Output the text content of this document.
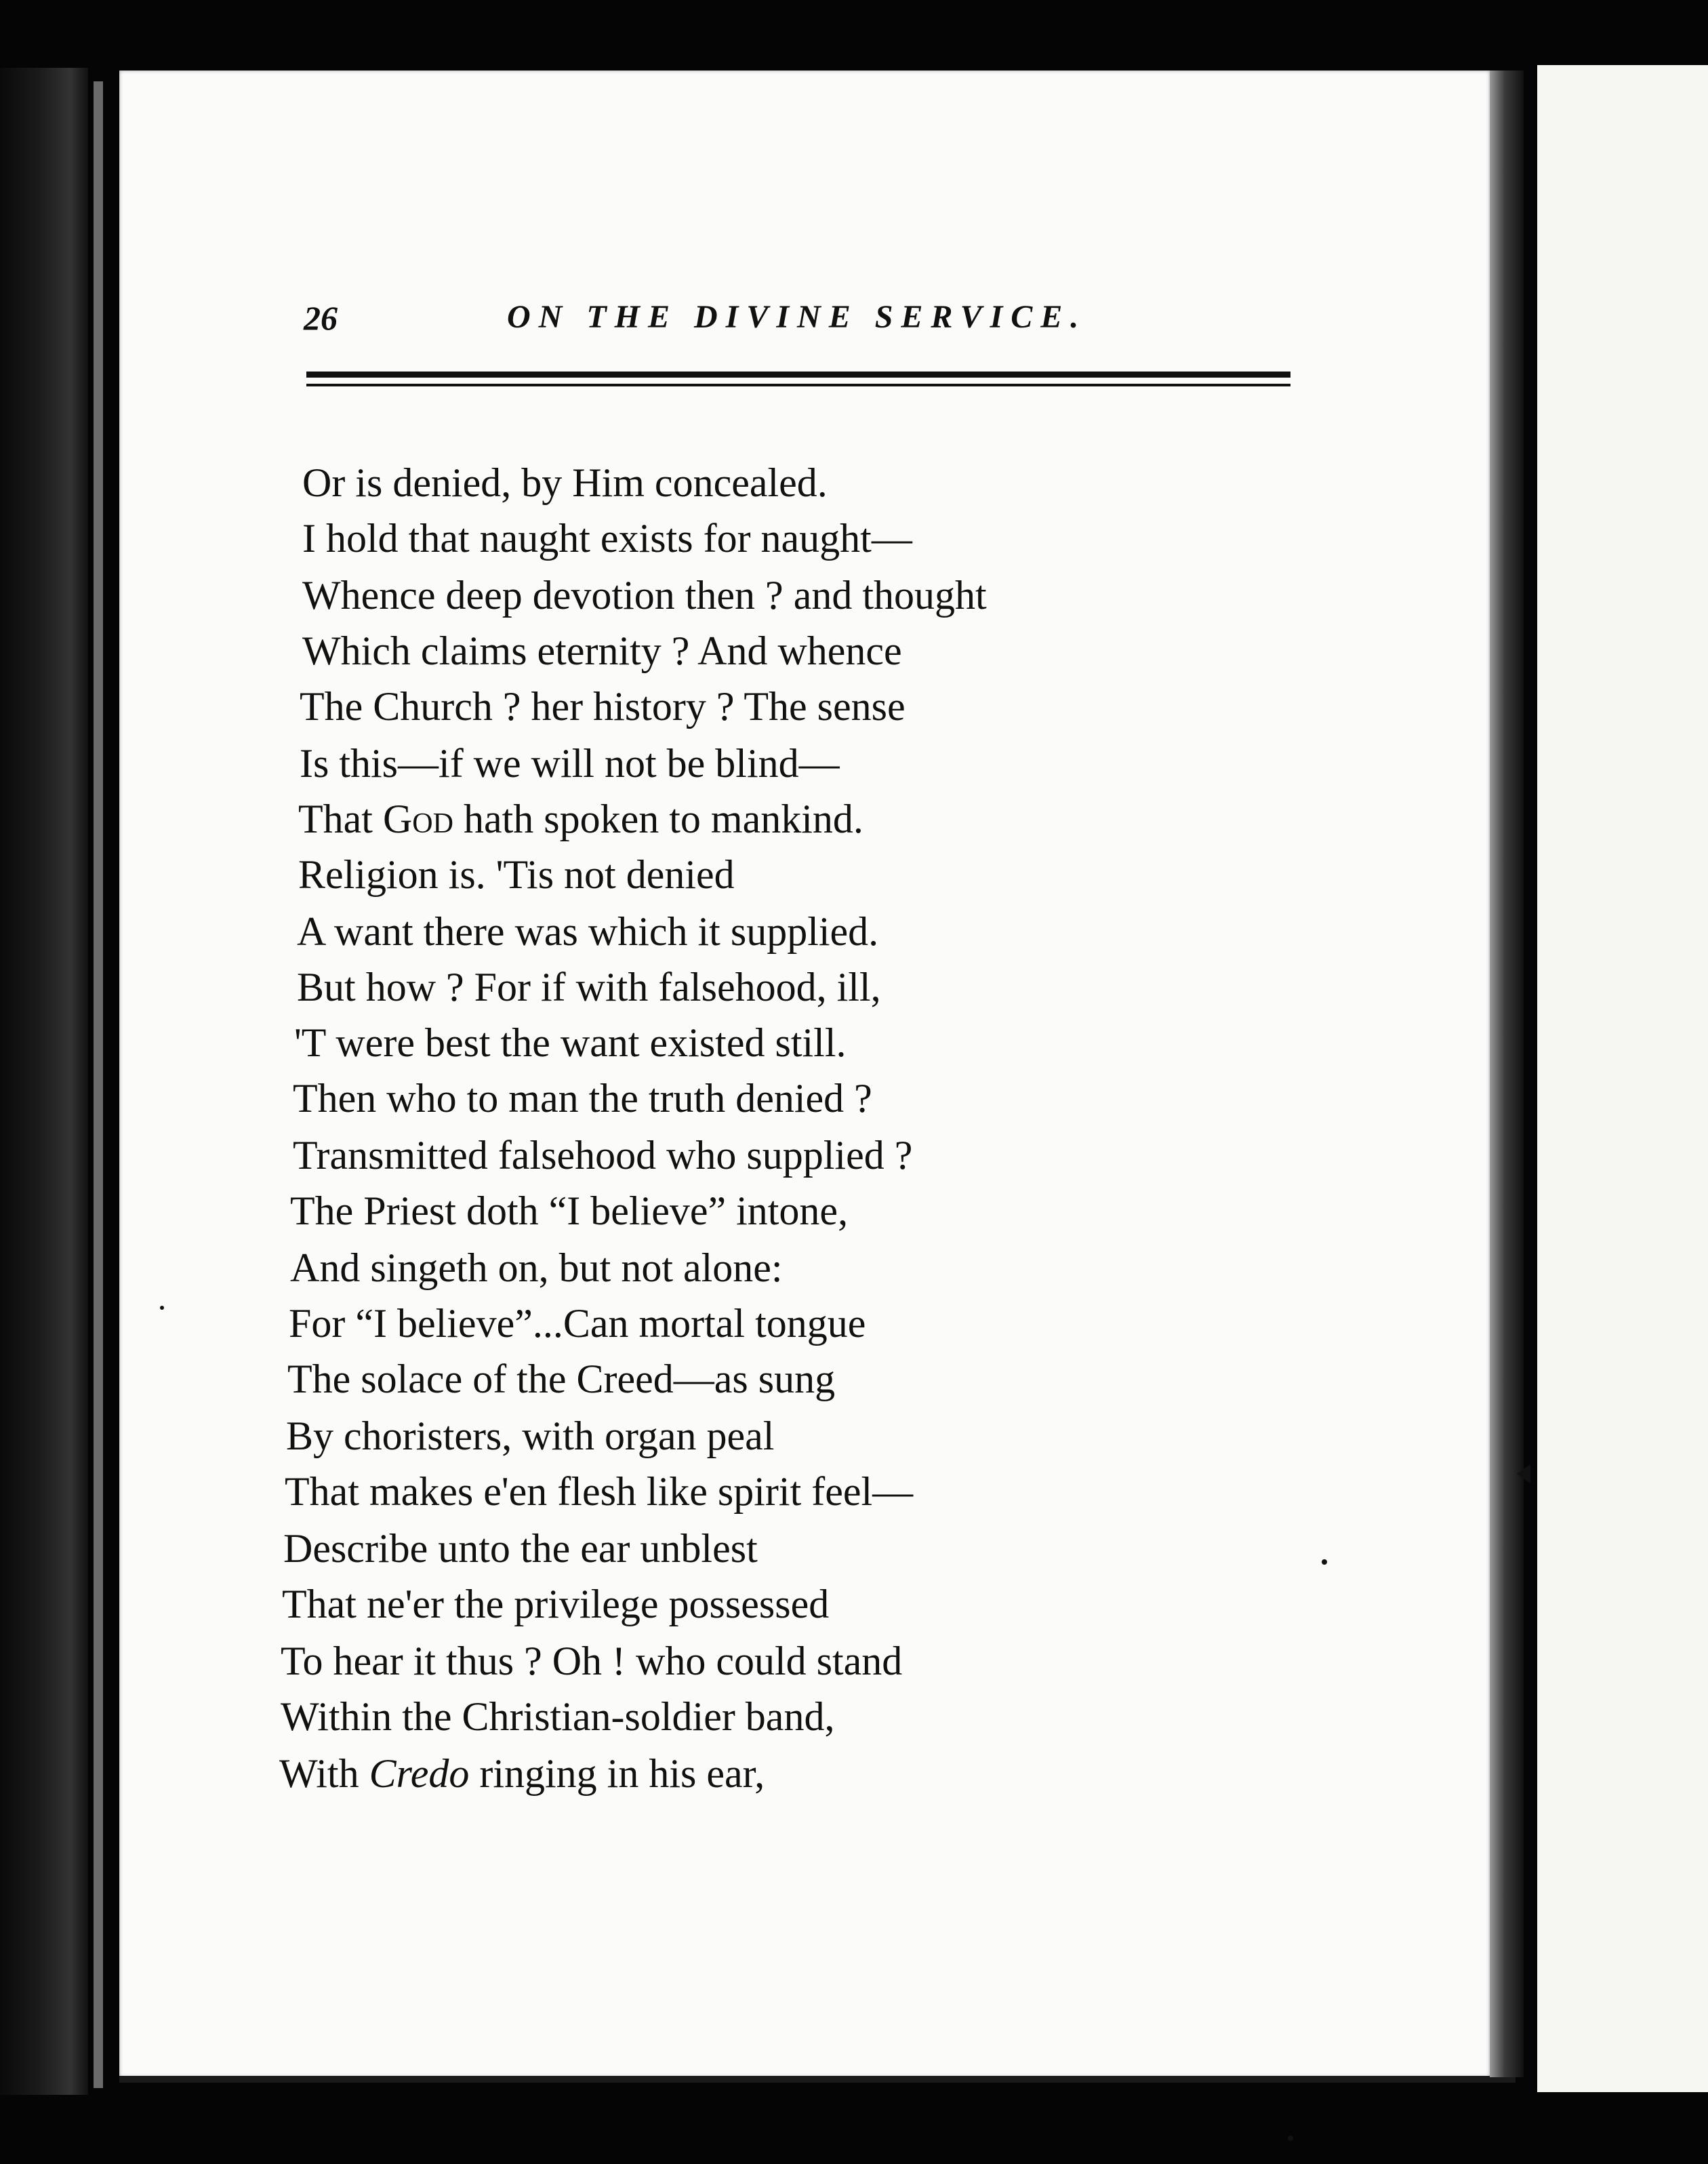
26	ON THE DIVINE SERVICE.
Or is denied, by Him concealed.
I hold that naught exists for naught—
Whence deep devotion then ? and thought
Which claims eternity ? And whence
The Church ? her history ? The sense
Is this—if we will not be blind—
That God hath spoken to mankind.
Religion is. 'Tis not denied
A want there was which it supplied.
But how ? For if with falsehood, ill,
'T were best the want existed still.
Then who to man the truth denied ?
Transmitted falsehood who supplied ?
The Priest doth “I believe” intone,
And singeth on, but not alone:
For “I believe”...Can mortal tongue
The solace of the Creed—as sung
By choristers, with organ peal
That makes e'en flesh like spirit feel—
Describe unto the ear unblest
That ne'er the privilege possessed
To hear it thus ? Oh ! who could stand
Within the Christian-soldier band,
With Credo ringing in his ear,
